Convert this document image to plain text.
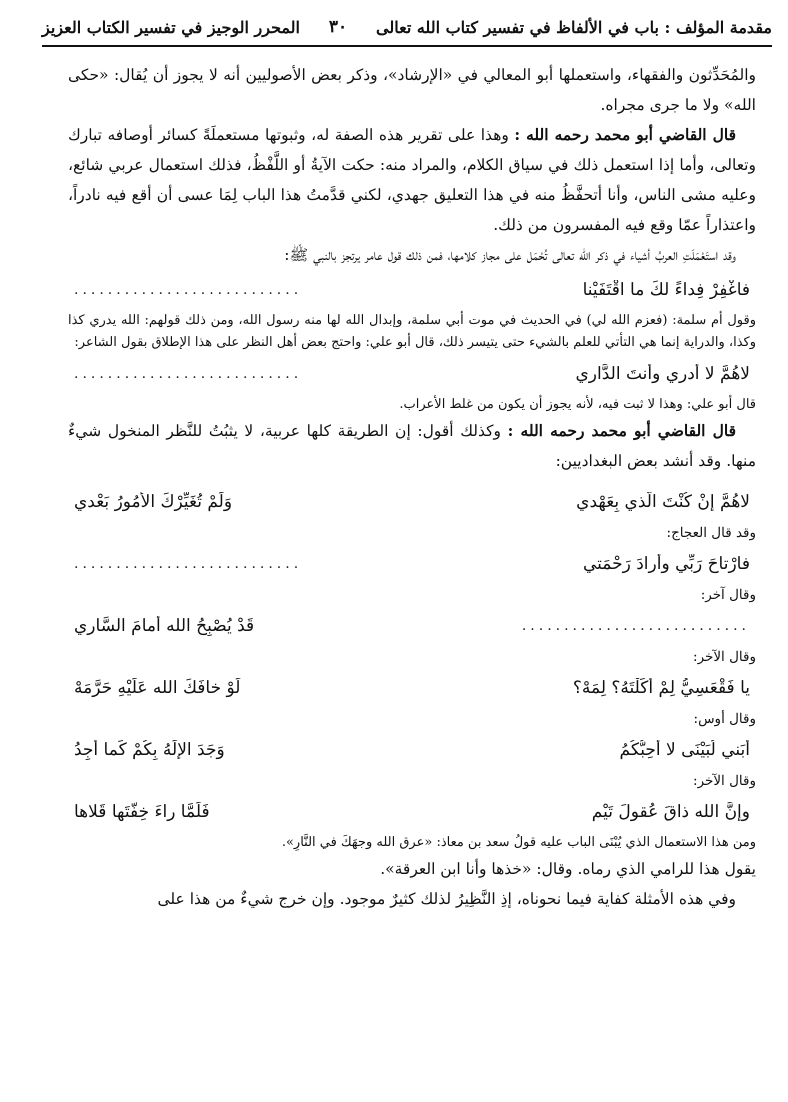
مقدمة المؤلف : باب في الألفاظ في تفسير كتاب الله تعالى
٣٠
المحرر الوجيز في تفسير الكتاب العزيز

والمُحَدِّثون والفقهاء، واستعملها أبو المعالي في «الإرشاد»، وذكر بعض الأصوليين أنه لا يجوز أن يُقال: «حكى الله» ولا ما جرى مجراه.

قال القاضي أبو محمد رحمه الله : وهذا على تقرير هذه الصفة له، وثبوتها مستعملَةً كسائر أوصافه تبارك وتعالى، وأما إذا استعمل ذلك في سياق الكلام، والمراد منه: حكت الآيةُ أو اللَّفْظُ، فذلك استعمال عربي شائع، وعليه مشى الناس، وأنا أتحفَّظُ منه في هذا التعليق جهدي، لكني قدَّمتُ هذا الباب لِمَا عسى أن أقع فيه نادراً، واعتذاراً عمّا وقع فيه المفسرون من ذلك.

وقد استَعْمَلَتِ العربُ أشياء في ذكر الله تعالى تُحْمَل على مجاز كلامها، فمن ذلك قول عامر يرتجز بالنبي ﷺ:

فاغْفِرْ فِداءً لكَ ما اقْتَفَيْنا
...........................

وقول أم سلمة: (فعزم الله لي) في الحديث في موت أبي سلمة، وإبدال الله لها منه رسول الله، ومن ذلك قولهم: الله يدري كذا وكذا، والدراية إنما هي التأتي للعلم بالشيء حتى يتيسر ذلك، قال أبو علي: واحتج بعض أهل النظر على هذا الإطلاق بقول الشاعر:

لاهُمَّ لا أدري وأَنتَ الدَّاري
...........................

قال أبو علي: وهذا لا ثبت فيه، لأنه يجوز أن يكون من غلط الأعراب.

قال القاضي أبو محمد رحمه الله : وكذلك أقول: إن الطريقة كلها عربية، لا يثبُتُ للنَّظر المنخول شيءٌ منها. وقد أنشد بعض البغداديين:

لاهُمَّ إنْ كُنْتَ الَّذي بِعَهْدي
وَلَمْ تُغَيِّرْكَ الأمُورُ بَعْدي

وقد قال العجاج:

فارْتاحَ رَبِّي وأرادَ رَحْمَتي
...........................

وقال آخر:

...........................
قَدْ يُصْبِحُ الله أمامَ السَّاري

وقال الآخر:

يا فَقْعَسِيُّ لِمْ أكَلْتَهُ؟ لِمَهْ؟
لَوْ خافَكَ الله عَلَيْهِ حَرَّمَهْ

وقال أوس:

أَبَني لُبَيْنَى لا أُحِبُّكُمُ
وَجَدَ الإلَهُ بِكُمْ كَما أَجِدُ

وقال الآخر:

وإنَّ الله ذاقَ عُقولَ تَيْمٍ
فَلَمَّا راءَ خِفَّتَها قَلاها

ومن هذا الاستعمال الذي يُبْنَى الباب عليه قولُ سعد بن معاذ: «عرق الله وجهَكَ في النَّارِ».

يقول هذا للرامي الذي رماه. وقال: «خذها وأنا ابن العرقة».

وفي هذه الأمثلة كفاية فيما نحوناه، إذِ النَّظِيرُ لذلك كثيرٌ موجود. وإن خرج شيءٌ من هذا على
